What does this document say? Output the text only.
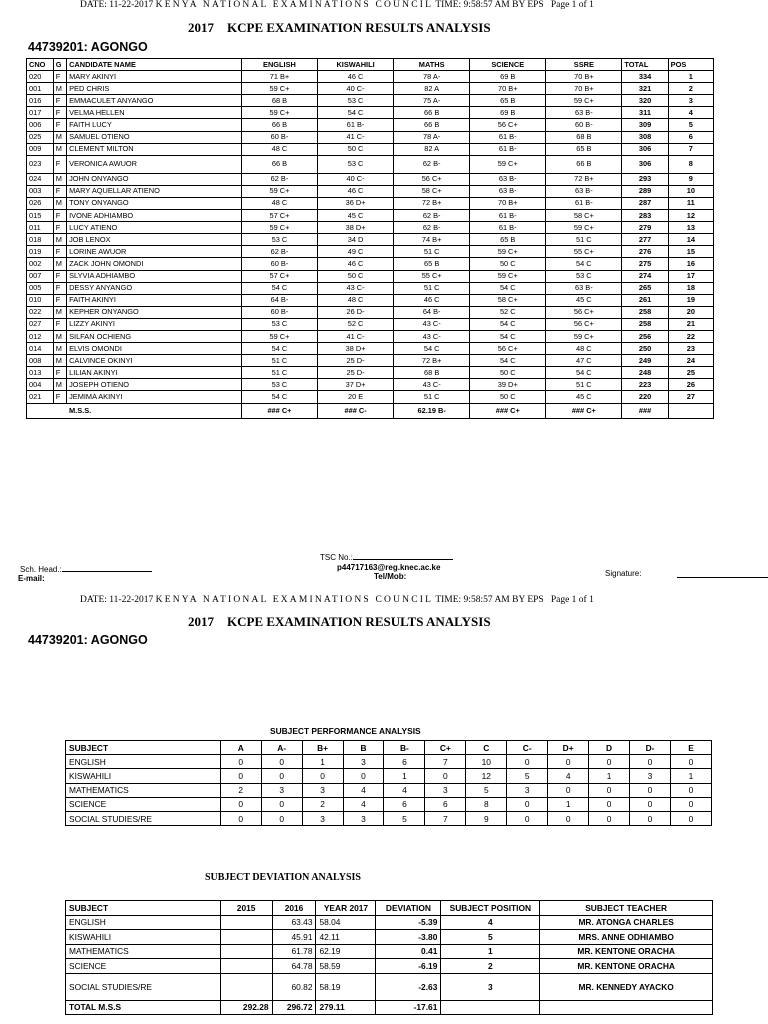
DATE: 11-22-2017 KENYA NATIONAL EXAMINATIONS COUNCIL TIME: 9:58:57 AM BY EPS Page 1 of 1
2017 KCPE EXAMINATION RESULTS ANALYSIS
44739201: AGONGO
CNO	G	CANDIDATE NAME	ENGLISH	KISWAHILI	MATHS	SCIENCE	SSRE	TOTAL	POS
020	F	MARY AKINYI	71 B+	46 C	78 A-	69 B	70 B+	334	1
001	M	PED CHRIS	59 C+	40 C-	82 A	70 B+	70 B+	321	2
016	F	EMMACULET ANYANGO	68 B	53 C	75 A-	65 B	59 C+	320	3
017	F	VELMA HELLEN	59 C+	54 C	66 B	69 B	63 B-	311	4
006	F	FAITH LUCY	66 B	61 B-	66 B	56 C+	60 B-	309	5
025	M	SAMUEL OTIENO	60 B-	41 C-	78 A-	61 B-	68 B	308	6
009	M	CLEMENT MILTON	48 C	50 C	82 A	61 B-	65 B	306	7
023	F	VERONICA AWUOR	66 B	53 C	62 B-	59 C+	66 B	306	8
024	M	JOHN ONYANGO	62 B-	40 C-	56 C+	63 B-	72 B+	293	9
003	F	MARY AQUELLAR ATIENO	59 C+	46 C	58 C+	63 B-	63 B-	289	10
026	M	TONY ONYANGO	48 C	36 D+	72 B+	70 B+	61 B-	287	11
015	F	IVONE ADHIAMBO	57 C+	45 C	62 B-	61 B-	58 C+	283	12
011	F	LUCY ATIENO	59 C+	38 D+	62 B-	61 B-	59 C+	279	13
018	M	JOB LENOX	53 C	34 D	74 B+	65 B	51 C	277	14
019	F	LORINE AWUOR	62 B-	49 C	51 C	59 C+	55 C+	276	15
002	M	ZACK JOHN OMONDI	60 B-	46 C	65 B	50 C	54 C	275	16
007	F	SLYVIA ADHIAMBO	57 C+	50 C	55 C+	59 C+	53 C	274	17
005	F	DESSY ANYANGO	54 C	43 C-	51 C	54 C	63 B-	265	18
010	F	FAITH AKINYI	64 B-	48 C	46 C	58 C+	45 C	261	19
022	M	KEPHER ONYANGO	60 B-	26 D-	64 B-	52 C	56 C+	258	20
027	F	LIZZY AKINYI	53 C	52 C	43 C-	54 C	56 C+	258	21
012	M	SILFAN OCHIENG	59 C+	41 C-	43 C-	54 C	59 C+	256	22
014	M	ELVIS OMONDI	54 C	38 D+	54 C	56 C+	48 C	250	23
008	M	CALVINCE OKINYI	51 C	25 D-	72 B+	54 C	47 C	249	24
013	F	LILIAN AKINYI	51 C	25 D-	68 B	50 C	54 C	248	25
004	M	JOSEPH OTIENO	53 C	37 D+	43 C-	39 D+	51 C	223	26
021	F	JEMIMA AKINYI	54 C	20 E	51 C	50 C	45 C	220	27
M.S.S.			### C+	### C-	62.19 B-	### C+	### C+	###	
TSC No.:
p44717163@reg.knec.ac.ke
Tel/Mob:
Sch. Head.:
E-mail:
Signature:
DATE: 11-22-2017 KENYA NATIONAL EXAMINATIONS COUNCIL TIME: 9:58:57 AM BY EPS Page 1 of 1
2017 KCPE EXAMINATION RESULTS ANALYSIS
44739201: AGONGO
SUBJECT PERFORMANCE ANALYSIS
SUBJECT	A	A-	B+	B	B-	C+	C	C-	D+	D	D-	E
ENGLISH	0	0	1	3	6	7	10	0	0	0	0	0
KISWAHILI	0	0	0	0	1	0	12	5	4	1	3	1
MATHEMATICS	2	3	3	4	4	3	5	3	0	0	0	0
SCIENCE	0	0	2	4	6	6	8	0	1	0	0	0
SOCIAL STUDIES/RE	0	0	3	3	5	7	9	0	0	0	0	0
SUBJECT DEVIATION ANALYSIS
SUBJECT	2015	2016	YEAR 2017	DEVIATION	SUBJECT POSITION	SUBJECT TEACHER
ENGLISH		63.43	58.04	-5.39	4	MR. ATONGA CHARLES
KISWAHILI		45.91	42.11	-3.80	5	MRS. ANNE ODHIAMBO
MATHEMATICS		61.78	62.19	0.41	1	MR. KENTONE ORACHA
SCIENCE		64.78	58.59	-6.19	2	MR. KENTONE ORACHA
SOCIAL STUDIES/RE		60.82	58.19	-2.63	3	MR. KENNEDY AYACKO
TOTAL M.S.S	292.28	296.72	279.11	-17.61		
